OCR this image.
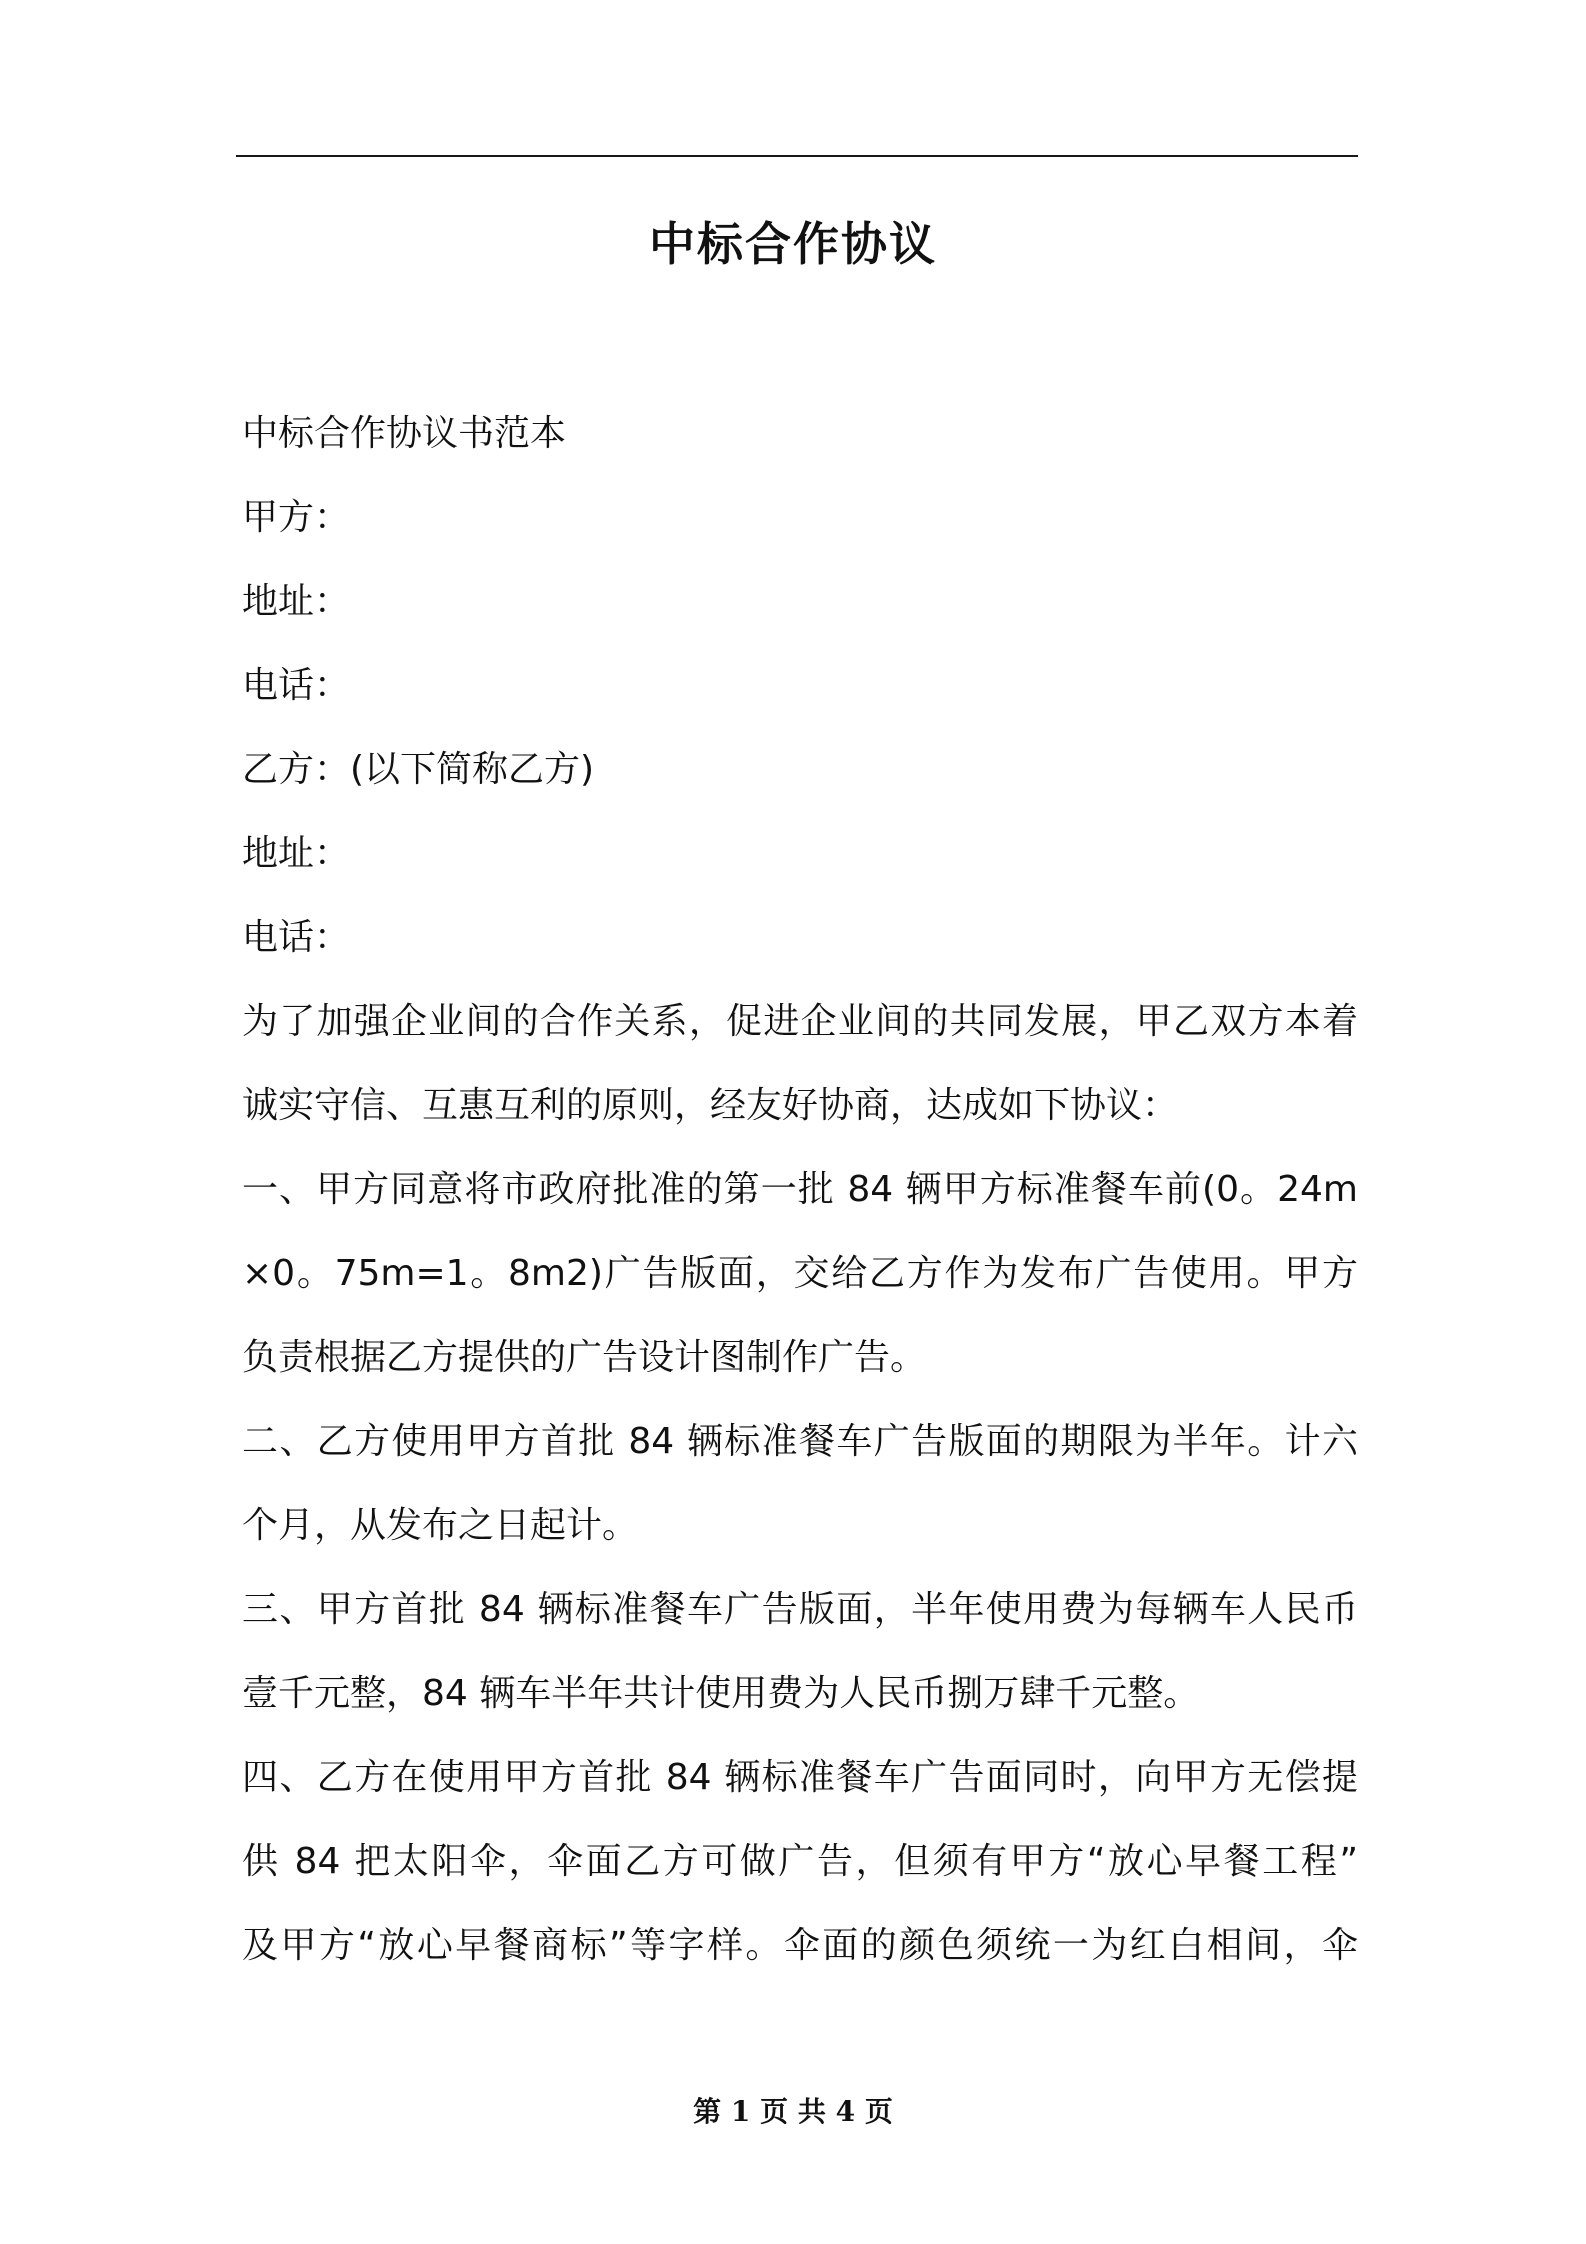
中标合作协议

中标合作协议书范本

甲方：

地址：

电话：

乙方：(以下简称乙方)

地址：

电话：

为了加强企业间的合作关系，促进企业间的共同发展，甲乙双方本着

诚实守信、互惠互利的原则，经友好协商，达成如下协议：

一、甲方同意将市政府批准的第一批 84 辆甲方标准餐车前(0。24m

×0。75m=1。8m2)广告版面，交给乙方作为发布广告使用。甲方

负责根据乙方提供的广告设计图制作广告。

二、乙方使用甲方首批 84 辆标准餐车广告版面的期限为半年。计六

个月，从发布之日起计。

三、甲方首批 84 辆标准餐车广告版面，半年使用费为每辆车人民币

壹千元整，84 辆车半年共计使用费为人民币捌万肆千元整。

四、乙方在使用甲方首批 84 辆标准餐车广告面同时，向甲方无偿提

供 84 把太阳伞，伞面乙方可做广告，但须有甲方“放心早餐工程”

及甲方“放心早餐商标”等字样。伞面的颜色须统一为红白相间，伞

第 1 页 共 4 页
